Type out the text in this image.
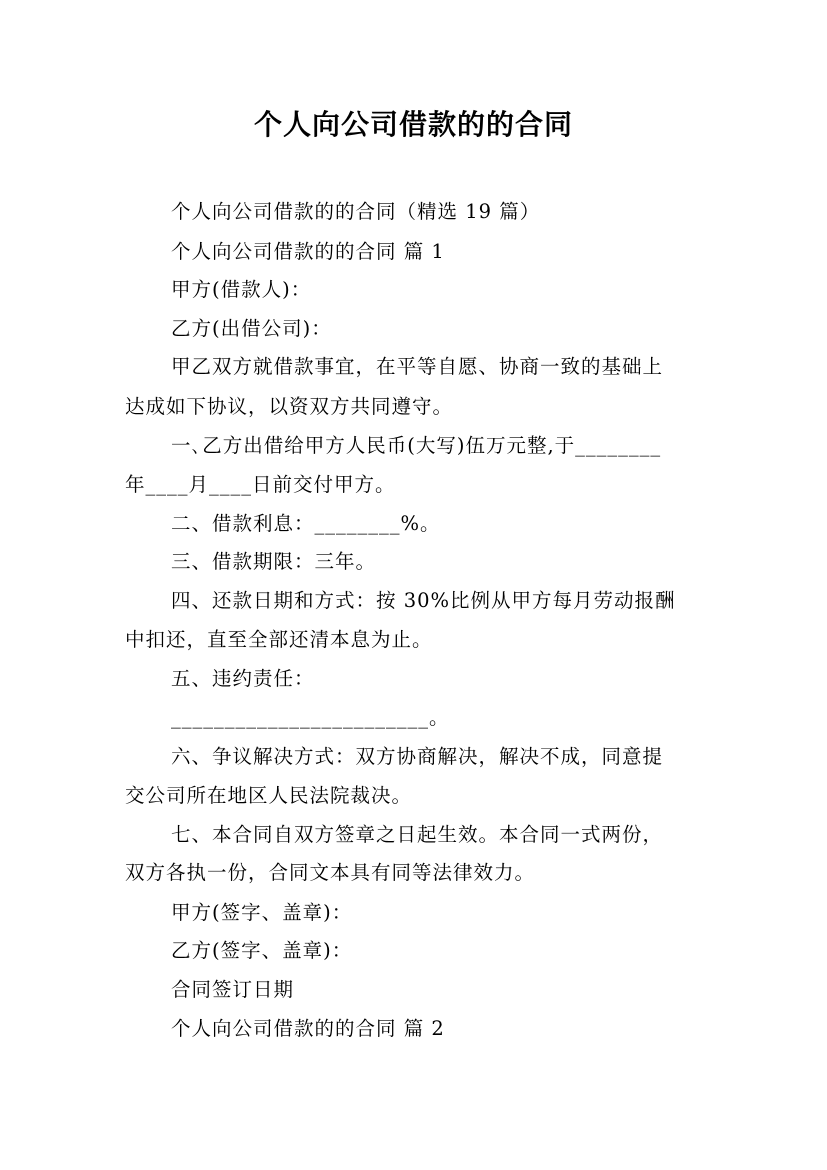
个人向公司借款的的合同
个人向公司借款的的合同（精选 19 篇）
个人向公司借款的的合同 篇 1
甲方(借款人)：
乙方(出借公司)：
甲乙双方就借款事宜，在平等自愿、协商一致的基础上
达成如下协议，以资双方共同遵守。
一､乙方出借给甲方人民币(大写)伍万元整,于________
年____月____日前交付甲方。
二、借款利息：________%。
三、借款期限：三年。
四、还款日期和方式：按 30%比例从甲方每月劳动报酬
中扣还，直至全部还清本息为止。
五、违约责任：
________________________。
六、争议解决方式：双方协商解决，解决不成，同意提
交公司所在地区人民法院裁决。
七、本合同自双方签章之日起生效。本合同一式两份，
双方各执一份，合同文本具有同等法律效力。
甲方(签字、盖章)：
乙方(签字、盖章)：
合同签订日期
个人向公司借款的的合同 篇 2
